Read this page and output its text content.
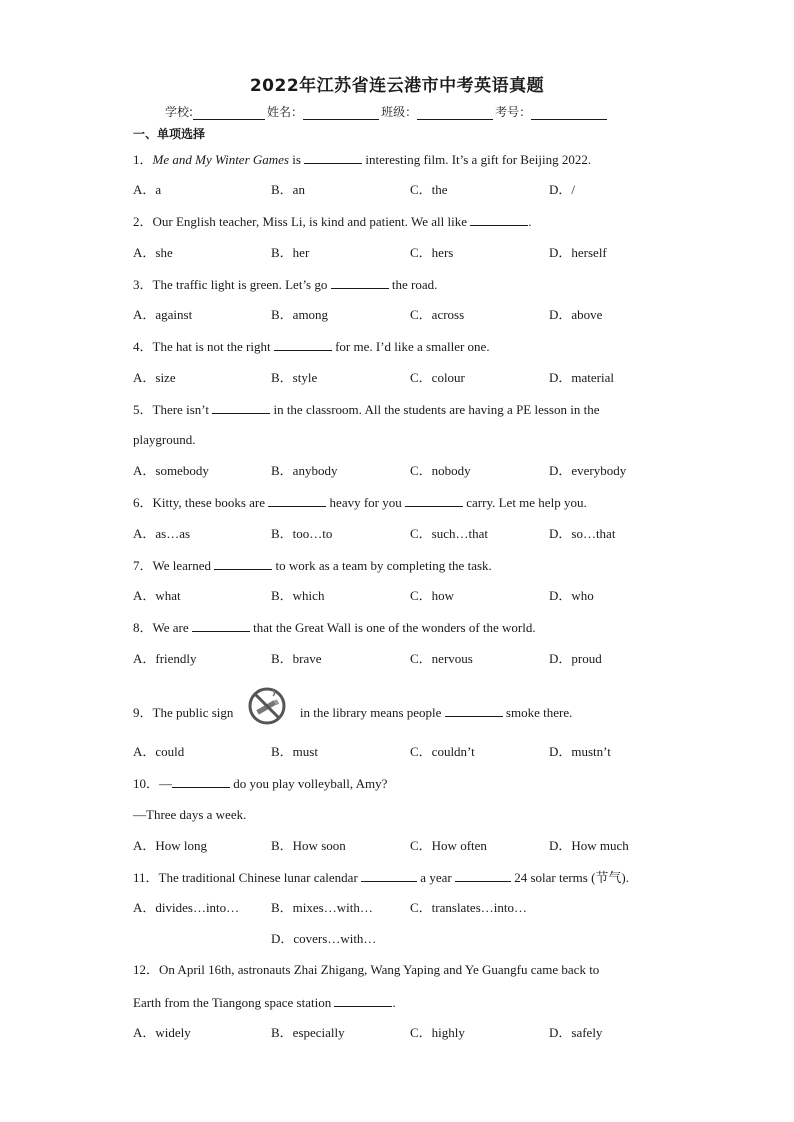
2022年江苏省连云港市中考英语真题
学校:	姓名：	班级：	考号：
一、单项选择
1．Me and My Winter Games is	interesting film. It’s a gift for Beijing 2022.
A．a	B．an	C．the	D．/
2．Our English teacher, Miss Li, is kind and patient. We all like	.
A．she	B．her	C．hers	D．herself
3．The traffic light is green. Let’s go	the road.
A．against	B．among	C．across	D．above
4．The hat is not the right	for me. I’d like a smaller one.
A．size	B．style	C．colour	D．material
5．There isn’t	in the classroom. All the students are having a PE lesson in the
playground.
A．somebody	B．anybody	C．nobody	D．everybody
6．Kitty, these books are	heavy for you	carry. Let me help you.
A．as…as	B．too…to	C．such…that	D．so…that
7．We learned	to work as a team by completing the task.
A．what	B．which	C．how	D．who
8．We are	that the Great Wall is one of the wonders of the world.
A．friendly	B．brave	C．nervous	D．proud
9．The public sign	in the library means people	smoke there.
A．could	B．must	C．couldn’t	D．mustn’t
10．—	do you play volleyball, Amy?
—Three days a week.
A．How long	B．How soon	C．How often	D．How much
11．The traditional Chinese lunar calendar	a year	24 solar terms (节气).
A．divides…into… B．mixes…with…	C．translates…into…
D．covers…with…
12．On April 16th, astronauts Zhai Zhigang, Wang Yaping and Ye Guangfu came back to
Earth from the Tiangong space station	.
A．widely	B．especially	C．highly	D．safely
